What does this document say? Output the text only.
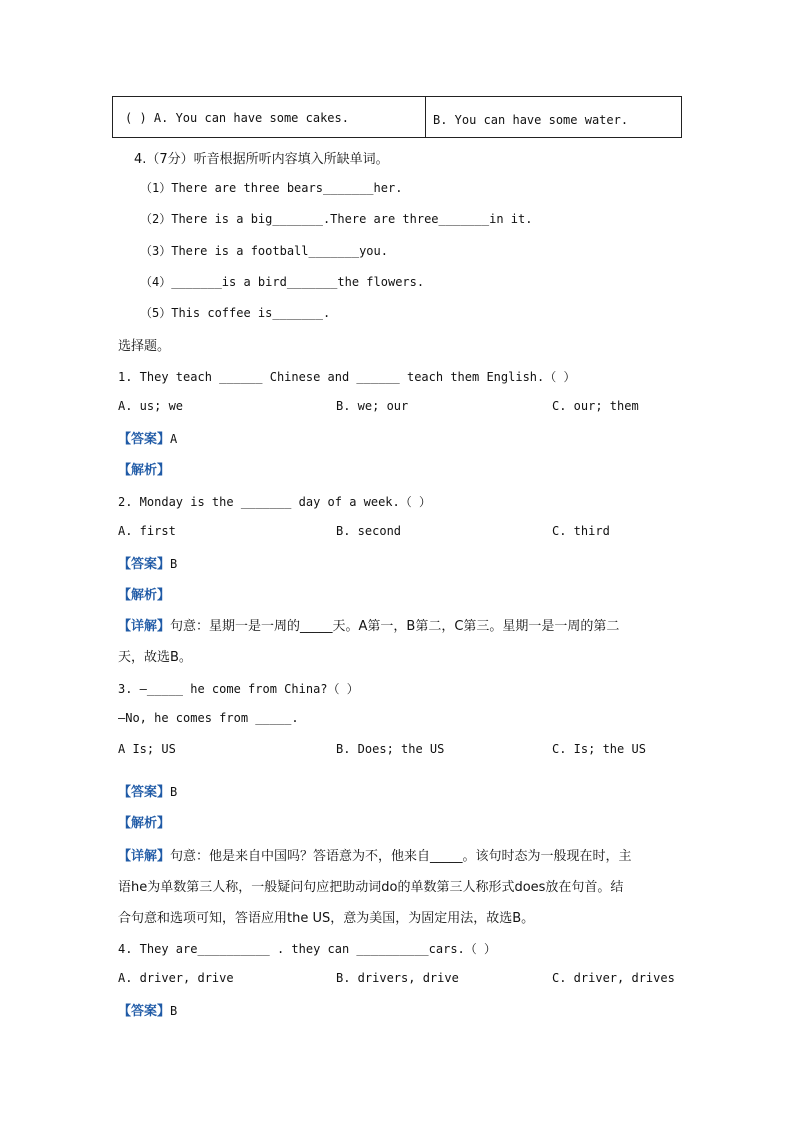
( ) A. You can have some cakes.	B. You can have some water.
4.（7分）听音根据所听内容填入所缺单词。
（1）There are three bears_______her.
（2）There is a big_______.There are three_______in it.
（3）There is a football_______you.
（4）_______is a bird_______the flowers.
（5）This coffee is_______.
选择题。
1. They teach ______ Chinese and ______ teach them English.（ ）
A. us; we	B. we; our	C. our; them
【答案】A
【解析】
2. Monday is the _______ day of a week.（ ）
A. first	B. second	C. third
【答案】B
【解析】
【详解】句意：星期一是一周的_____天。A第一，B第二，C第三。星期一是一周的第二
天，故选B。
3. —_____ he come from China?（ ）
—No, he comes from _____.
A Is; US	B. Does; the US	C. Is; the US
【答案】B
【解析】
【详解】句意：他是来自中国吗？答语意为不，他来自_____。该句时态为一般现在时，主
语he为单数第三人称，一般疑问句应把助动词do的单数第三人称形式does放在句首。结
合句意和选项可知，答语应用the US，意为美国，为固定用法，故选B。
4. They are__________ . they can __________cars.（ ）
A. driver, drive	B. drivers, drive	C. driver, drives
【答案】B
